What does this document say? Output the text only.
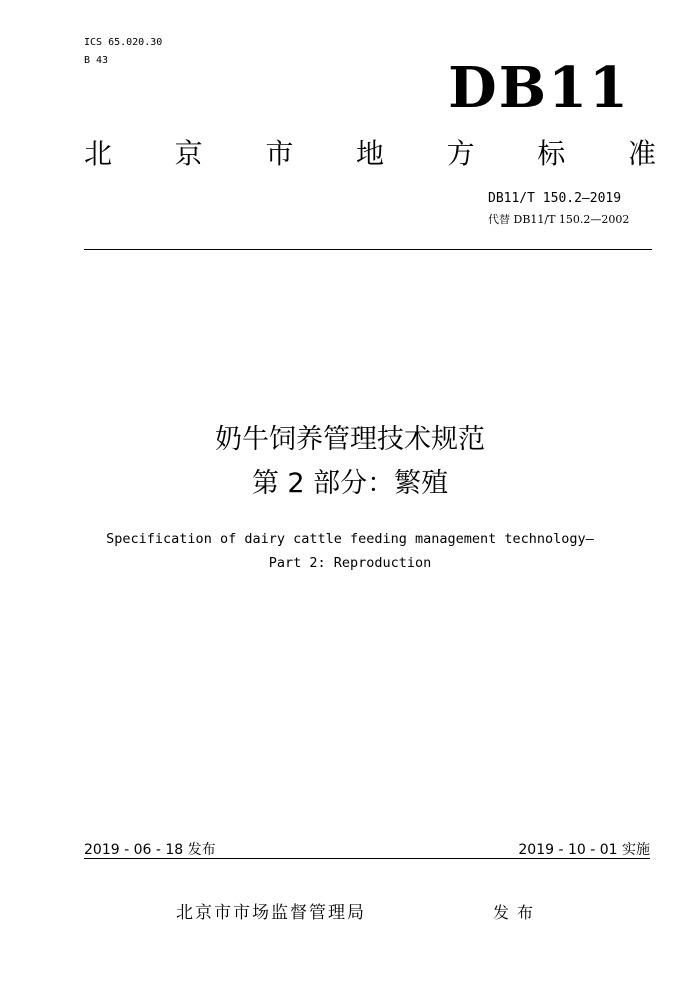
ICS 65.020.30
B 43	DB11
北 京 市 地 方 标 准
DB11/T 150.2—2019
代替 DB11/T 150.2—2002
奶牛饲养管理技术规范
第 2 部分：繁殖
Specification of dairy cattle feeding management technology—
Part 2: Reproduction
2019 - 06 - 18 发布	2019 - 10 - 01 实施
北京市市场监督管理局	发布
